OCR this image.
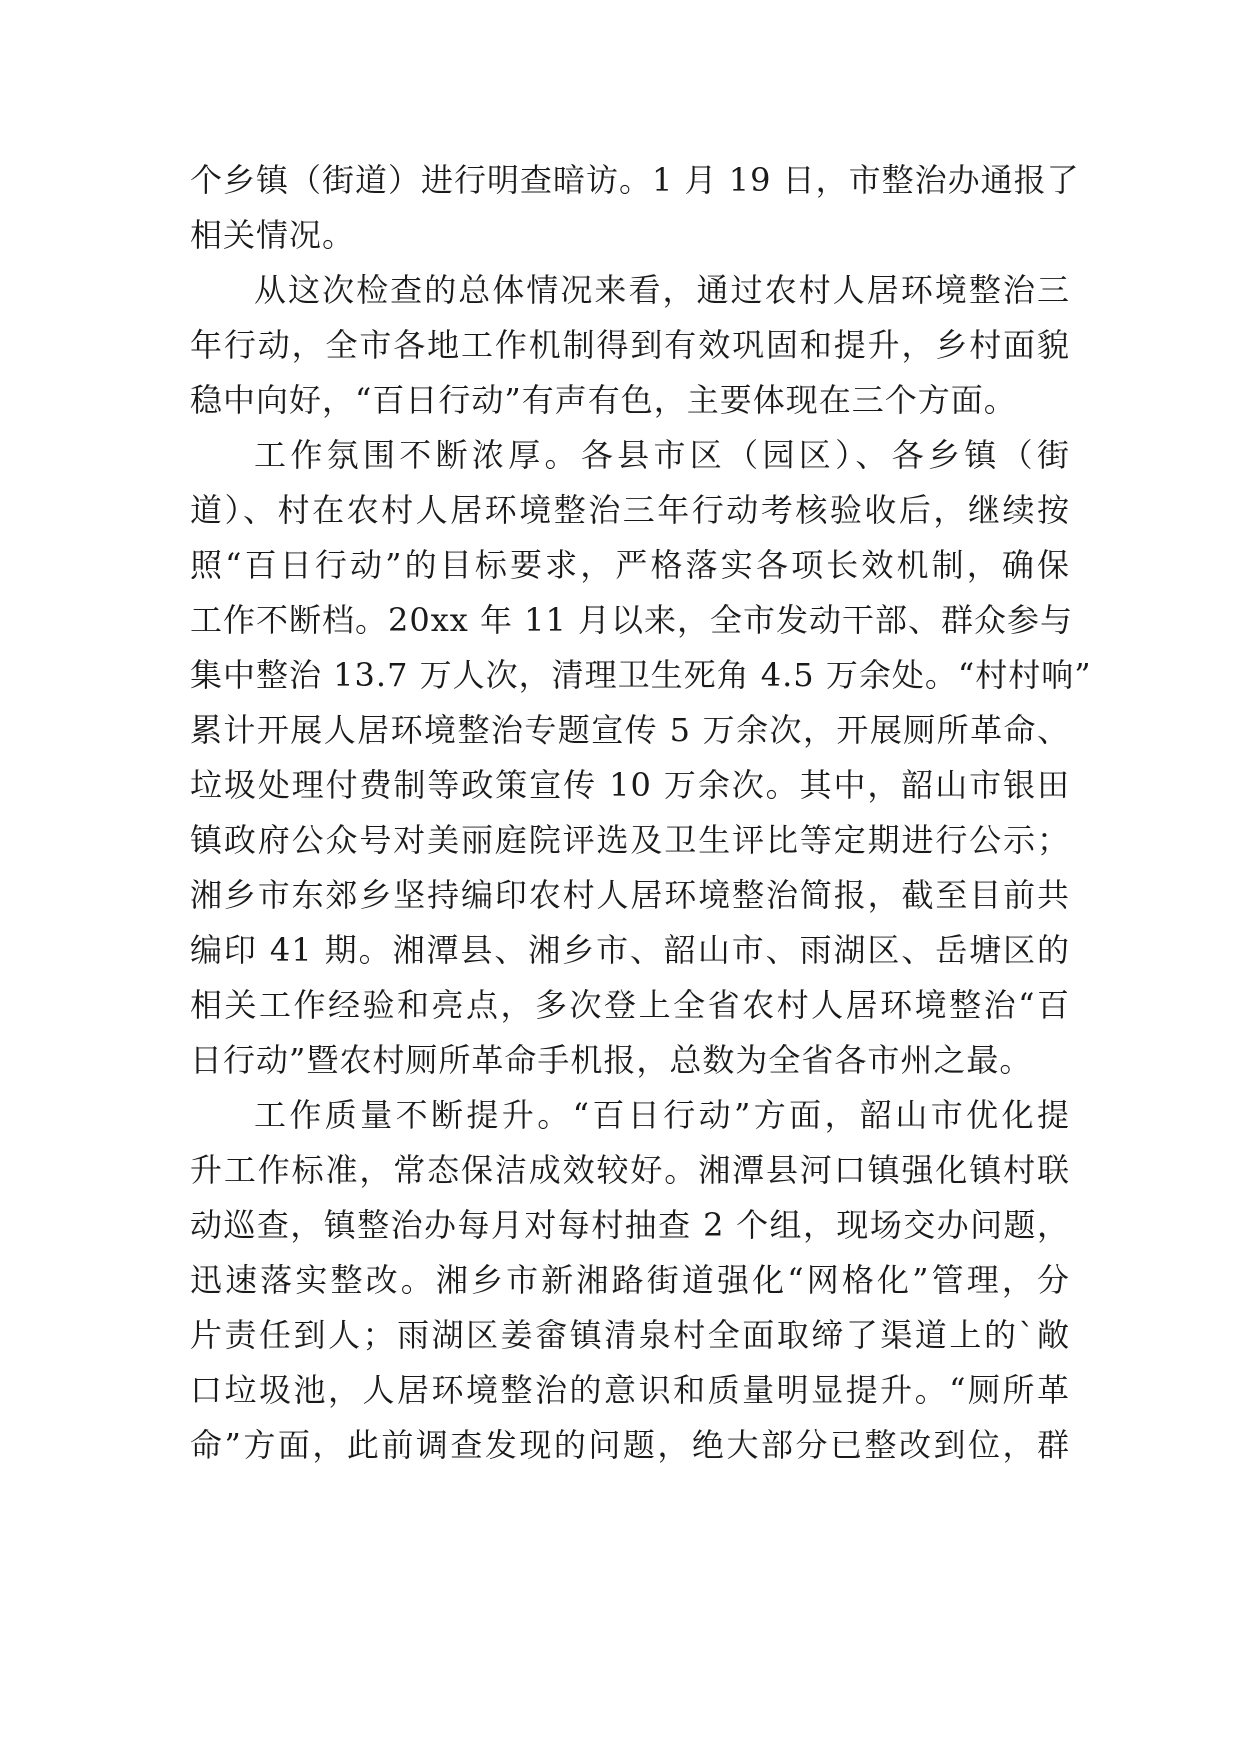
个乡镇（街道）进行明查暗访。1 月 19 日，市整治办通报了
相关情况。
从这次检查的总体情况来看，通过农村人居环境整治三
年行动，全市各地工作机制得到有效巩固和提升，乡村面貌
稳中向好，“百日行动”有声有色，主要体现在三个方面。
工作氛围不断浓厚。各县市区（园区）、各乡镇（街
道）、村在农村人居环境整治三年行动考核验收后，继续按
照“百日行动”的目标要求，严格落实各项长效机制，确保
工作不断档。20xx 年 11 月以来，全市发动干部、群众参与
集中整治 13.7 万人次，清理卫生死角 4.5 万余处。“村村响”
累计开展人居环境整治专题宣传 5 万余次，开展厕所革命、
垃圾处理付费制等政策宣传 10 万余次。其中，韶山市银田
镇政府公众号对美丽庭院评选及卫生评比等定期进行公示；
湘乡市东郊乡坚持编印农村人居环境整治简报，截至目前共
编印 41 期。湘潭县、湘乡市、韶山市、雨湖区、岳塘区的
相关工作经验和亮点，多次登上全省农村人居环境整治“百
日行动”暨农村厕所革命手机报，总数为全省各市州之最。
工作质量不断提升。“百日行动”方面，韶山市优化提
升工作标准，常态保洁成效较好。湘潭县河口镇强化镇村联
动巡查，镇整治办每月对每村抽查 2 个组，现场交办问题，
迅速落实整改。湘乡市新湘路街道强化“网格化”管理，分
片责任到人；雨湖区姜畲镇清泉村全面取缔了渠道上的`敞
口垃圾池，人居环境整治的意识和质量明显提升。“厕所革
命”方面，此前调查发现的问题，绝大部分已整改到位，群
